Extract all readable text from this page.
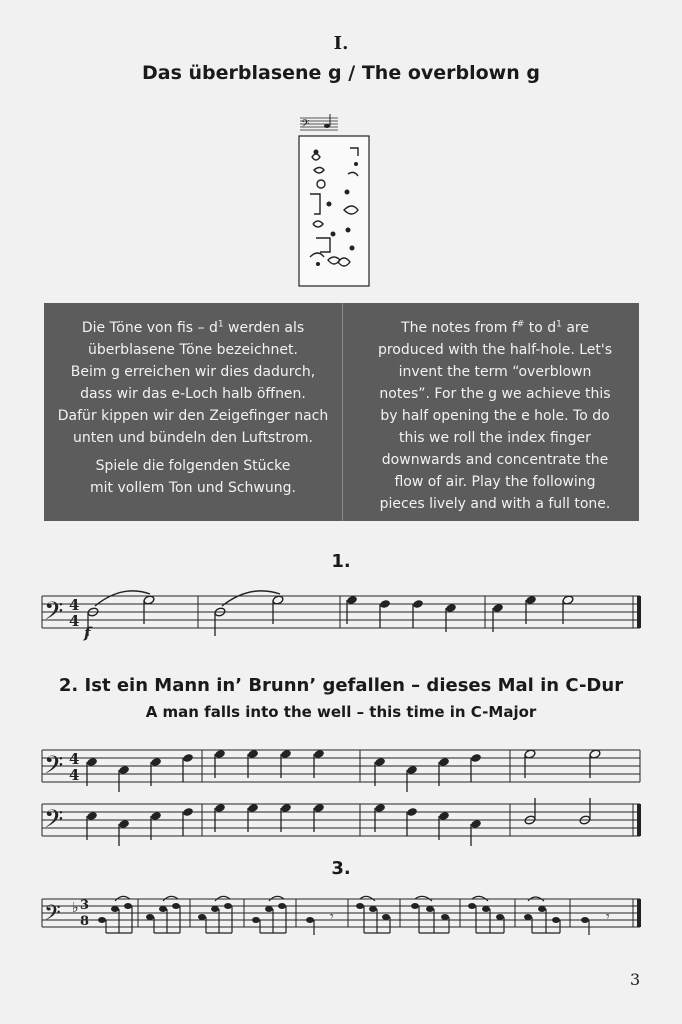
I.
Das überblasene g / The overblown g
𝄢

Die Töne von fis – $d^1$ werden als
überblasene Töne bezeichnet.
Beim g erreichen wir dies dadurch,
dass wir das e-Loch halb öffnen.
Dafür kippen wir den Zeigefinger nach
unten und bündeln den Luftstrom.

Spiele die folgenden Stücke
mit vollem Ton und Schwung.

The notes from f# to $d^1$ are
produced with the half-hole. Let's
invent the term “overblown
notes”. For the g we achieve this
by half opening the e hole. To do
this we roll the index finger
downwards and concentrate the
flow of air. Play the following
pieces lively and with a full tone.
1.
𝄢 4
4
f
2. Ist ein Mann in’ Brunn’ gefallen – dieses Mal in C-Dur
A man falls into the well – this time in C-Major
𝄢 4
4
𝄢
3.
𝄢 ♭ 3
8	𝄾	𝄾
3
